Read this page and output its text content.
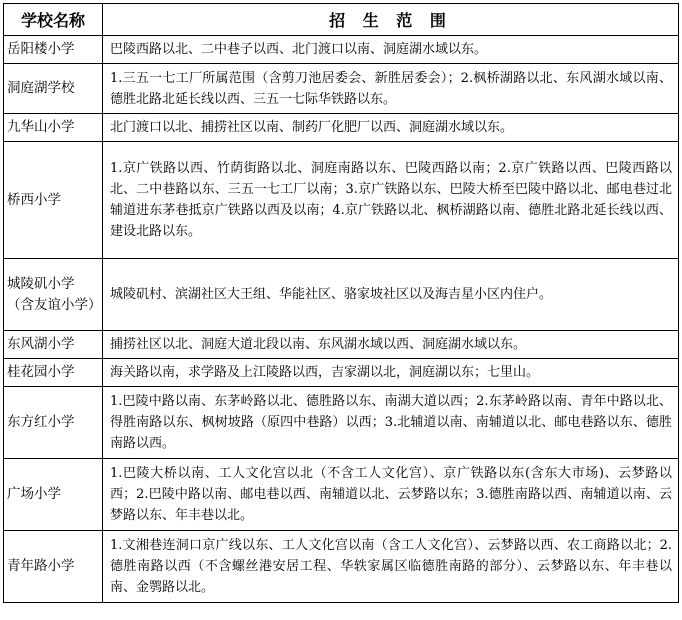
学校名称	招 生 范 围
岳阳楼小学	巴陵西路以北、二中巷子以西、北门渡口以南、洞庭湖水域以东。
洞庭湖学校	1.三五一七工厂所属范围（含剪刀池居委会、新胜居委会）；2.枫桥湖路以北、东风湖水域以南、德胜北路北延长线以西、三五一七际华铁路以东。
九华山小学	北门渡口以北、捕捞社区以南、制药厂化肥厂以西、洞庭湖水域以东。
桥西小学	1.京广铁路以西、竹荫街路以北、洞庭南路以东、巴陵西路以南；2.京广铁路以西、巴陵西路以北、二中巷路以东、三五一七工厂以南；3.京广铁路以东、巴陵大桥至巴陵中路以北、邮电巷过北辅道进东茅巷抵京广铁路以西及以南；4.京广铁路以北、枫桥湖路以南、德胜北路北延长线以西、建设北路以东。
城陵矶小学（含友谊小学）	城陵矶村、滨湖社区大王组、华能社区、骆家坡社区以及海吉星小区内住户。
东风湖小学	捕捞社区以北、洞庭大道北段以南、东风湖水域以西、洞庭湖水域以东。
桂花园小学	海关路以南，求学路及上江陵路以西，吉家湖以北，洞庭湖以东；七里山。
东方红小学	1.巴陵中路以南、东茅岭路以北、德胜路以东、南湖大道以西；2.东茅岭路以南、青年中路以北、得胜南路以东、枫树坡路（原四中巷路）以西；3.北辅道以南、南辅道以北、邮电巷路以东、德胜南路以西。
广场小学	1.巴陵大桥以南、工人文化宫以北（不含工人文化宫）、京广铁路以东(含东大市场)、云梦路以西；2.巴陵中路以南、邮电巷以西、南辅道以北、云梦路以东；3.德胜南路以西、南辅道以南、云梦路以东、年丰巷以北。
青年路小学	1.文湘巷连洞口京广线以东、工人文化宫以南（含工人文化宫）、云梦路以西、农工商路以北；2.德胜南路以西（不含螺丝港安居工程、华轶家属区临德胜南路的部分）、云梦路以东、年丰巷以南、金鹗路以北。
